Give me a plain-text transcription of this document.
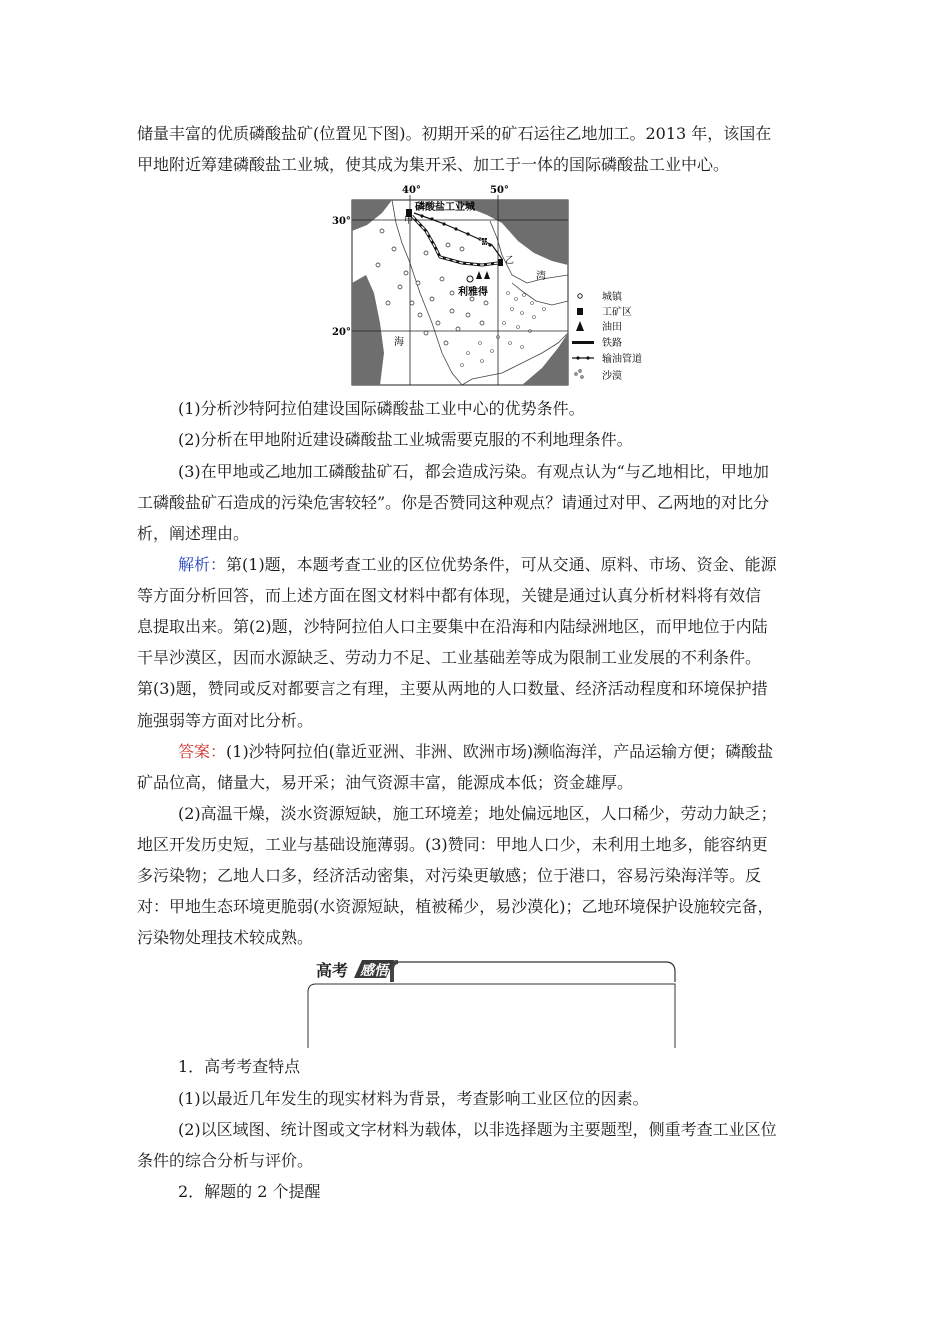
储量丰富的优质磷酸盐矿(位置见下图)。初期开采的矿石运往乙地加工。2013 年，该国在
甲地附近筹建磷酸盐工业城，使其成为集开采、加工于一体的国际磷酸盐工业中心。
40°	50°
30°
20°
磷酸盐工业城
甲
乙
波
斯
湾
红
海
利雅得	城镇
工矿区
油田
铁路
输油管道
沙漠
(1)分析沙特阿拉伯建设国际磷酸盐工业中心的优势条件。
(2)分析在甲地附近建设磷酸盐工业城需要克服的不利地理条件。
(3)在甲地或乙地加工磷酸盐矿石，都会造成污染。有观点认为“与乙地相比，甲地加
工磷酸盐矿石造成的污染危害较轻”。你是否赞同这种观点？请通过对甲、乙两地的对比分
析，阐述理由。
解析：第(1)题，本题考查工业的区位优势条件，可从交通、原料、市场、资金、能源
等方面分析回答，而上述方面在图文材料中都有体现，关键是通过认真分析材料将有效信
息提取出来。第(2)题，沙特阿拉伯人口主要集中在沿海和内陆绿洲地区，而甲地位于内陆
干旱沙漠区，因而水源缺乏、劳动力不足、工业基础差等成为限制工业发展的不利条件。
第(3)题，赞同或反对都要言之有理，主要从两地的人口数量、经济活动程度和环境保护措
施强弱等方面对比分析。
答案：(1)沙特阿拉伯(靠近亚洲、非洲、欧洲市场)濒临海洋，产品运输方便；磷酸盐
矿品位高，储量大，易开采；油气资源丰富，能源成本低；资金雄厚。
(2)高温干燥，淡水资源短缺，施工环境差；地处偏远地区，人口稀少，劳动力缺乏；
地区开发历史短，工业与基础设施薄弱。(3)赞同：甲地人口少，未利用土地多，能容纳更
多污染物；乙地人口多，经济活动密集，对污染更敏感；位于港口，容易污染海洋等。反
对：甲地生态环境更脆弱(水资源短缺，植被稀少，易沙漠化)；乙地环境保护设施较完备，
污染物处理技术较成熟。
高考 感悟
1．高考考查特点
(1)以最近几年发生的现实材料为背景，考查影响工业区位的因素。
(2)以区域图、统计图或文字材料为载体，以非选择题为主要题型，侧重考查工业区位
条件的综合分析与评价。
2．解题的 2 个提醒
